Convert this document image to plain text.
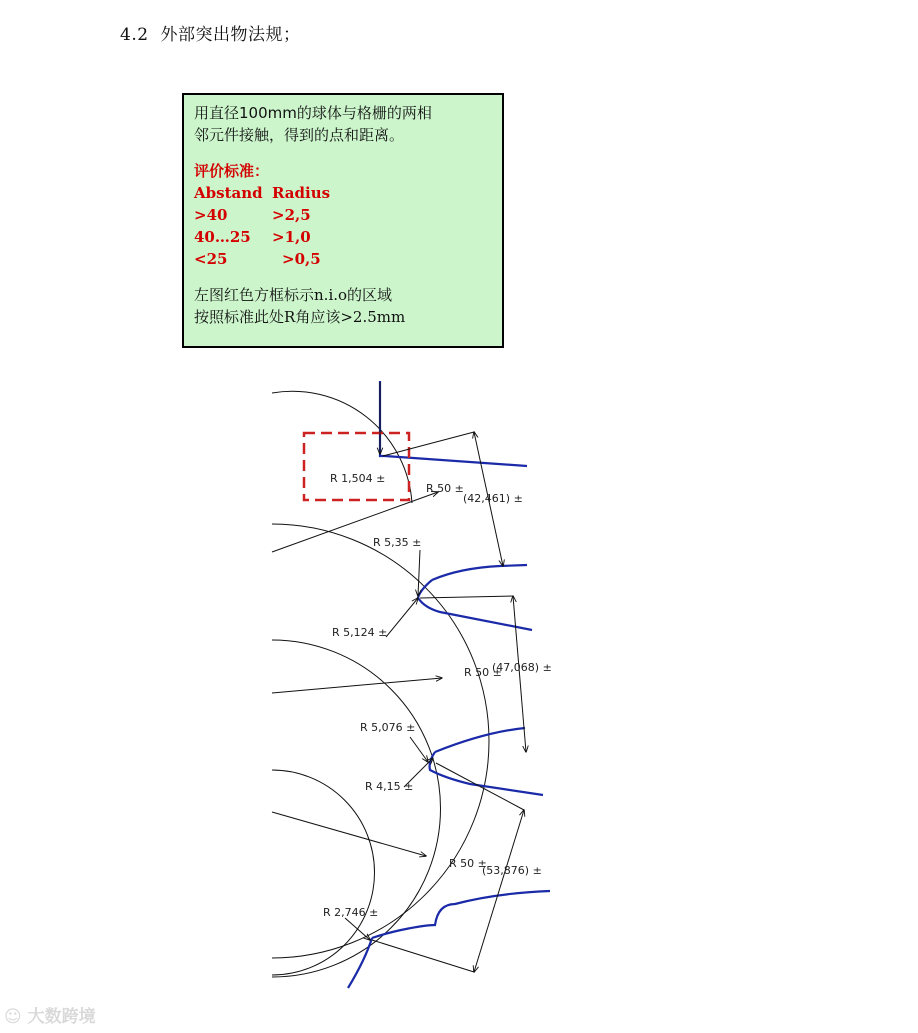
4.2 外部突出物法规；
用直径100mm的球体与格栅的两相
邻元件接触，得到的点和距离。
评价标准：
Abstand Radius
>40	>2,5
40…25	>1,0
<25	>0,5
左图红色方框标示n.i.o的区域
按照标准此处R角应该>2.5mm
R 1,504 ±
R 50 ±
(42,461) ±
R 5,35 ±
R 5,124 ±
R 50 ±
(47,068) ±
R 5,076 ±
R 4,15 ±
R 50 ±
(53,876) ±
R 2,746 ±
☺ 大数跨境
